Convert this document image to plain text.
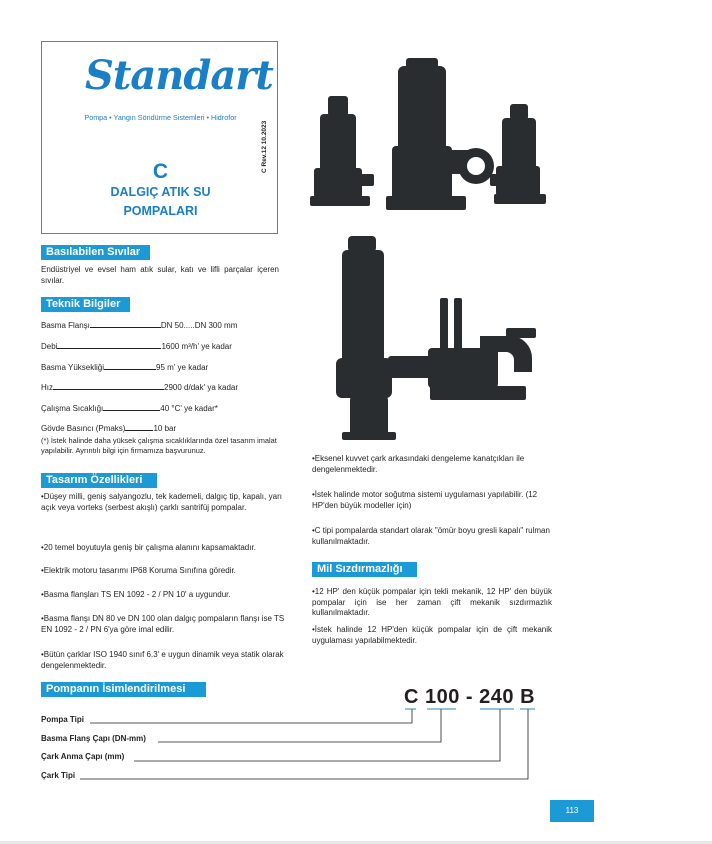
Standart
Pompa • Yangın Söndürme Sistemleri • Hidrofor
C
DALGIÇ ATIK SU
POMPALARI
C Rev.12 10.2023
Basılabilen Sıvılar
Endüstriyel ve evsel ham atık sular, katı ve lifli parçalar içeren sıvılar.
Teknik Bilgiler
Basma Flanşı	DN 50.....DN 300 mm
Debi	1600 m³/h' ye kadar
Basma Yüksekliği	95 m' ye kadar
Hız	2900 d/dak' ya kadar
Çalışma Sıcaklığı	40 °C' ye kadar*
Gövde Basıncı (Pmaks)	10 bar
(*) İstek halinde daha yüksek çalışma sıcaklıklarında özel tasarım imalat yapılabilir. Ayrıntılı bilgi için firmamıza başvurunuz.
Tasarım Özellikleri
•Düşey milli, geniş salyangozlu, tek kademeli, dalgıç tip, kapalı, yarı açık veya vorteks (serbest akışlı) çarklı santrifüj pompalar.
•20 temel boyutuyla geniş bir çalışma alanını kapsamaktadır.
•Elektrik motoru tasarımı IP68 Koruma Sınıfına göredir.
•Basma flanşları TS EN 1092 - 2 / PN 10' a uygundur.
•Basma flanşı DN 80 ve DN 100 olan dalgıç pompaların flanşı ise TS EN 1092 - 2 / PN 6'ya göre imal edilir.
•Bütün çarklar ISO 1940 sınıf 6.3' e uygun dinamik veya statik olarak dengelenmektedir.
•Eksenel kuvvet çark arkasındaki dengeleme kanatçıkları ile dengelenmektedir.
•İstek halinde motor soğutma sistemi uygulaması yapılabilir. (12 HP'den büyük modeller için)
•C tipi pompalarda standart olarak "ömür boyu gresli kapalı" rulman kullanılmaktadır.
Mil Sızdırmazlığı
•12 HP' den küçük pompalar için tekli mekanik, 12 HP' den büyük pompalar için ise her zaman çift mekanik sızdırmazlık kullanılmaktadır.
•İstek halinde 12 HP'den küçük pompalar için de çift mekanik uygulaması yapılabilmektedir.
Pompanın İsimlendirilmesi	C 100 - 240 B
Pompa Tipi
Basma Flanş Çapı (DN-mm)
Çark Anma Çapı (mm)
Çark Tipi
113
